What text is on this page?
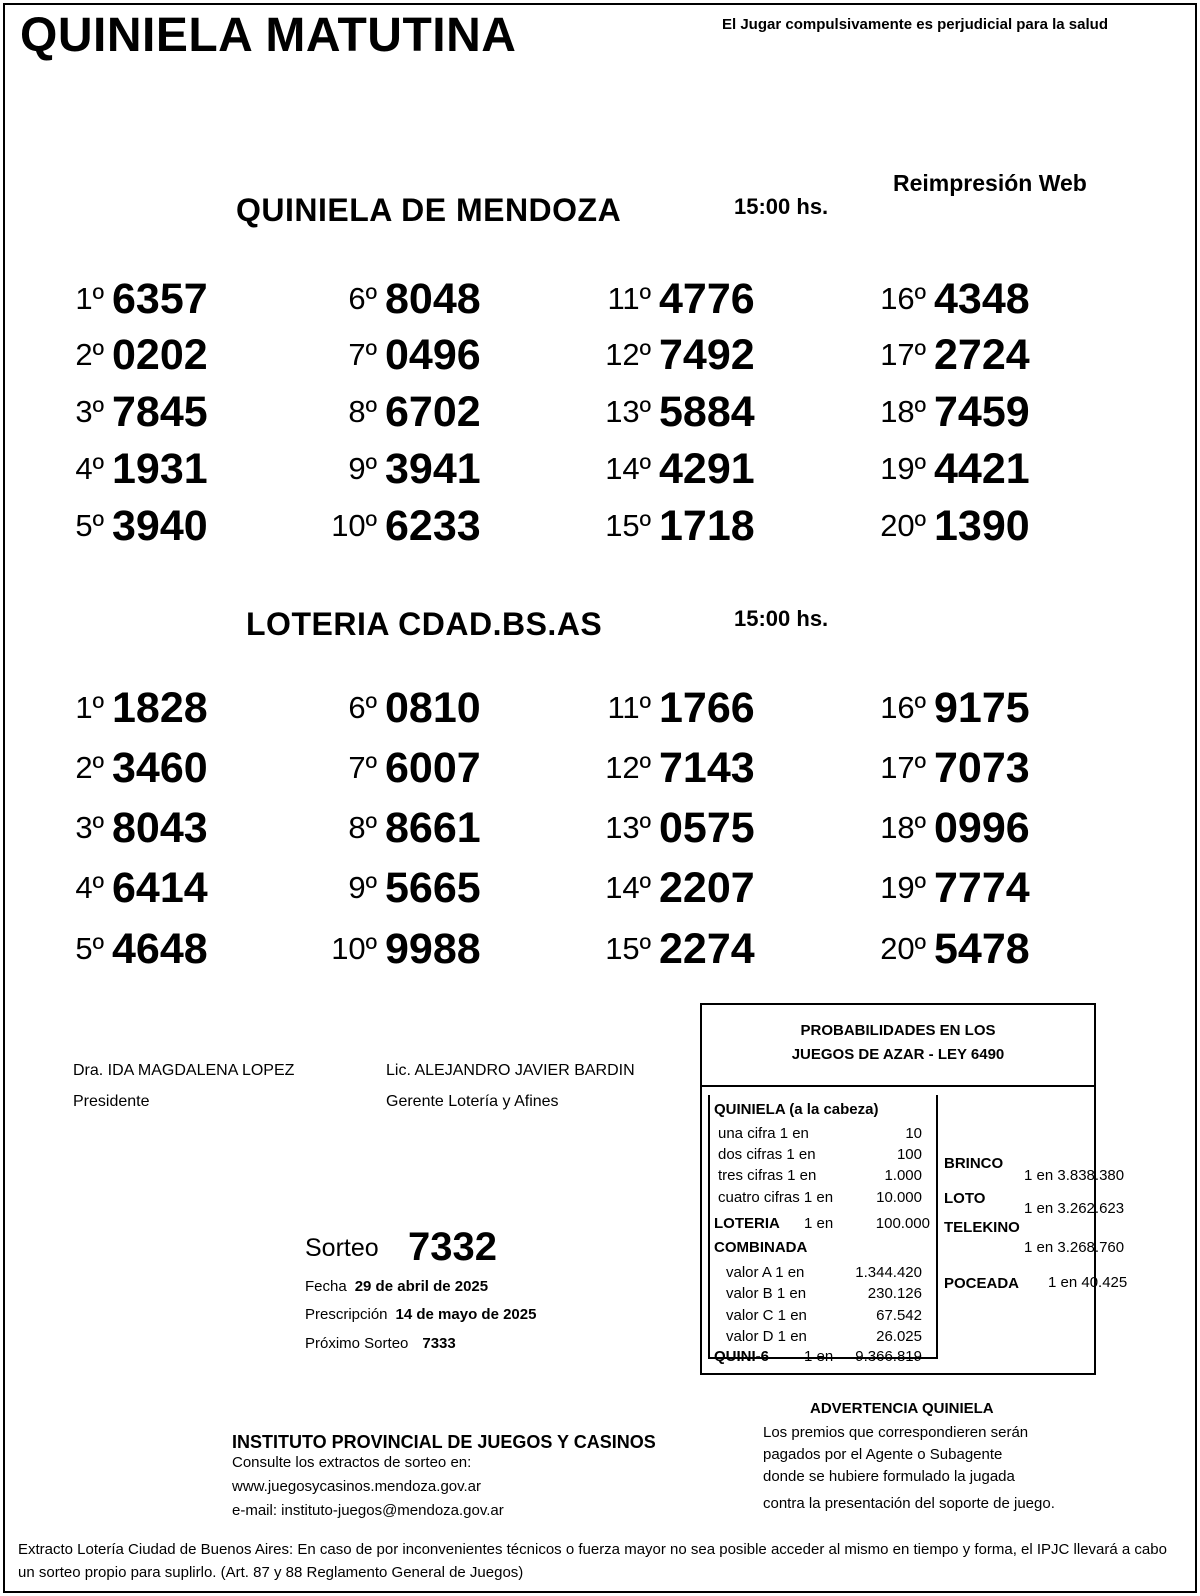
QUINIELA MATUTINA	El Jugar compulsivamente es perjudicial para la salud
Reimpresión Web
QUINIELA DE MENDOZA	15:00 hs.
1º 6357
2º 0202
3º 7845
4º 1931
5º 3940
6º 8048
7º 0496
8º 6702
9º 3941
10º 6233
11º 4776
12º 7492
13º 5884
14º 4291
15º 1718
16º 4348
17º 2724
18º 7459
19º 4421
20º 1390
LOTERIA CDAD.BS.AS	15:00 hs.
1º 1828
2º 3460
3º 8043
4º 6414
5º 4648
6º 0810
7º 6007
8º 8661
9º 5665
10º 9988
11º 1766
12º 7143
13º 0575
14º 2207
15º 2274
16º 9175
17º 7073
18º 0996
19º 7774
20º 5478
Dra. IDA MAGDALENA LOPEZ
Presidente
Lic. ALEJANDRO JAVIER BARDIN
Gerente Lotería y Afines
Sorteo 7332
Fecha 29 de abril de 2025
Prescripción 14 de mayo de 2025
Próximo Sorteo 7333
PROBABILIDADES EN LOS
JUEGOS DE AZAR - LEY 6490
QUINIELA (a la cabeza)
una cifra 1 en	10
dos cifras 1 en	100
tres cifras 1 en	1.000
cuatro cifras 1 en	10.000
LOTERIA 1 en	100.000
COMBINADA
valor A 1 en	1.344.420
valor B 1 en	230.126
valor C 1 en	67.542
valor D 1 en	26.025
QUINI-6 1 en 9.366.819
BRINCO
1 en 3.838.380
LOTO
1 en 3.262.623
TELEKINO
1 en 3.268.760
POCEADA 1 en 40.425
ADVERTENCIA QUINIELA
Los premios que correspondieren serán
pagados por el Agente o Subagente
donde se hubiere formulado la jugada
contra la presentación del soporte de juego.
INSTITUTO PROVINCIAL DE JUEGOS Y CASINOS
Consulte los extractos de sorteo en:
www.juegosycasinos.mendoza.gov.ar
e-mail: instituto-juegos@mendoza.gov.ar
Extracto Lotería Ciudad de Buenos Aires: En caso de por inconvenientes técnicos o fuerza mayor no sea posible acceder al mismo en tiempo y forma, el IPJC llevará a cabo un sorteo propio para suplirlo. (Art. 87 y 88 Reglamento General de Juegos)
